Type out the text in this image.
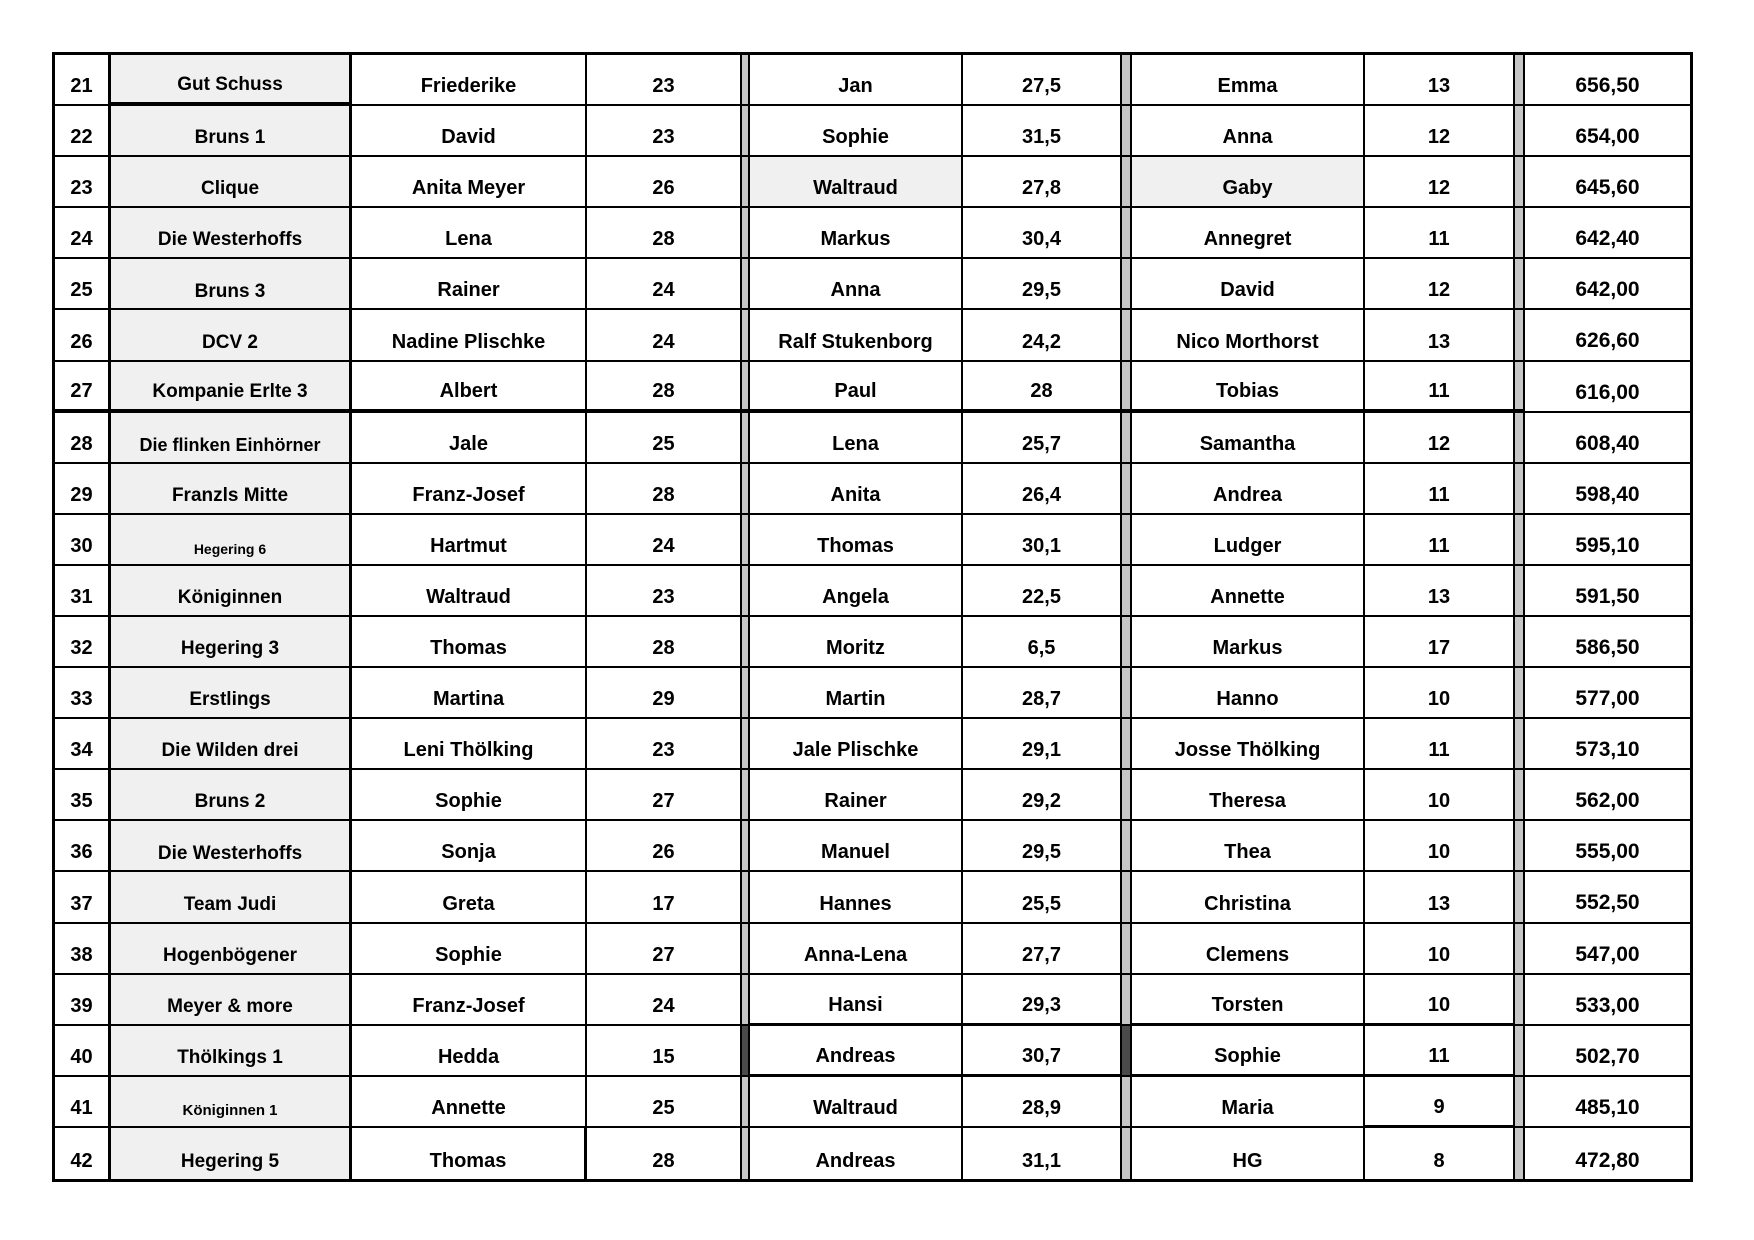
21	Gut Schuss	Friederike	23	Jan	27,5	Emma	13	656,50
22	Bruns 1	David	23	Sophie	31,5	Anna	12	654,00
23	Clique	Anita Meyer	26	Waltraud	27,8	Gaby	12	645,60
24	Die Westerhoffs	Lena	28	Markus	30,4	Annegret	11	642,40
25	Bruns 3	Rainer	24	Anna	29,5	David	12	642,00
26	DCV 2	Nadine Plischke	24	Ralf Stukenborg	24,2	Nico Morthorst	13	626,60
27	Kompanie Erlte 3	Albert	28	Paul	28	Tobias	11	616,00
28	Die flinken Einhörner	Jale	25	Lena	25,7	Samantha	12	608,40
29	Franzls Mitte	Franz-Josef	28	Anita	26,4	Andrea	11	598,40
30	Hegering 6	Hartmut	24	Thomas	30,1	Ludger	11	595,10
31	Königinnen	Waltraud	23	Angela	22,5	Annette	13	591,50
32	Hegering 3	Thomas	28	Moritz	6,5	Markus	17	586,50
33	Erstlings	Martina	29	Martin	28,7	Hanno	10	577,00
34	Die Wilden drei	Leni Thölking	23	Jale Plischke	29,1	Josse Thölking	11	573,10
35	Bruns 2	Sophie	27	Rainer	29,2	Theresa	10	562,00
36	Die Westerhoffs	Sonja	26	Manuel	29,5	Thea	10	555,00
37	Team Judi	Greta	17	Hannes	25,5	Christina	13	552,50
38	Hogenbögener	Sophie	27	Anna-Lena	27,7	Clemens	10	547,00
39	Meyer & more	Franz-Josef	24	Hansi	29,3	Torsten	10	533,00
40	Thölkings 1	Hedda	15	Andreas	30,7	Sophie	11	502,70
41	Königinnen 1	Annette	25	Waltraud	28,9	Maria	9	485,10
42	Hegering 5	Thomas	28	Andreas	31,1	HG	8	472,80
